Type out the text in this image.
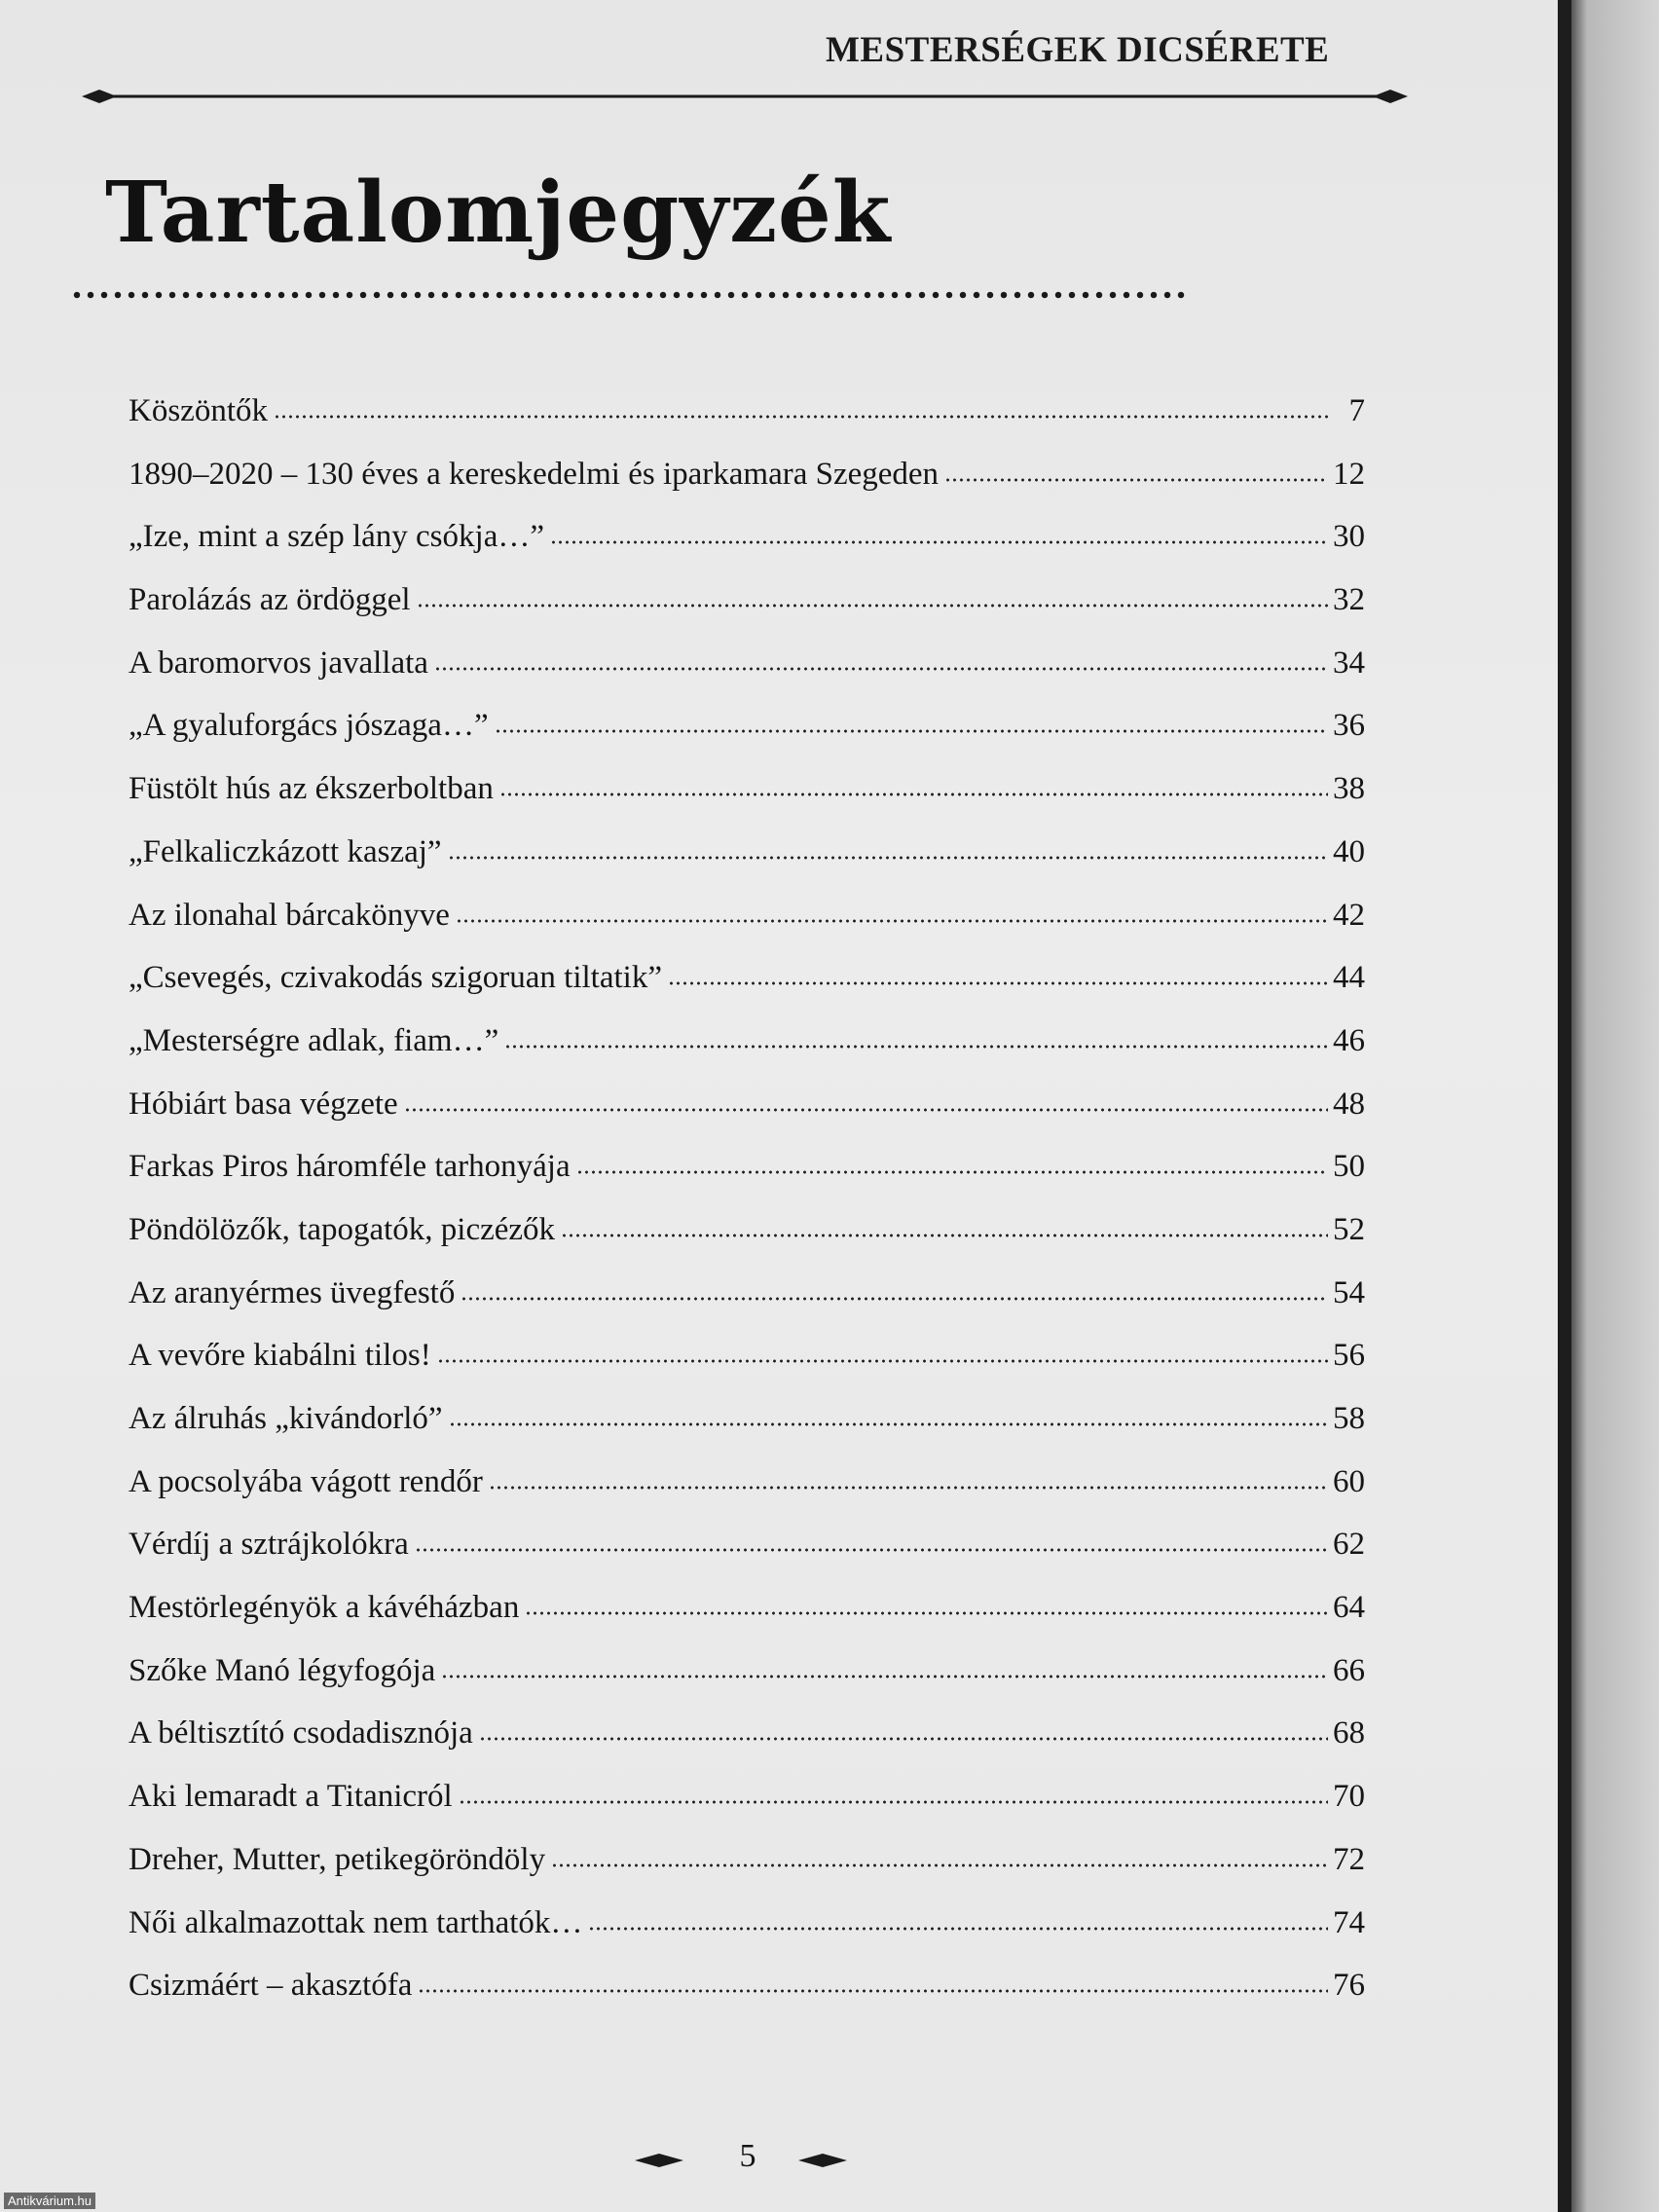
MESTERSÉGEK DICSÉRETE
Tartalomjegyzék
Köszöntők	7
1890–2020 – 130 éves a kereskedelmi és iparkamara Szegeden	12
„Ize, mint a szép lány csókja…”	30
Parolázás az ördöggel	32
A baromorvos javallata	34
„A gyaluforgács jószaga…”	36
Füstölt hús az ékszerboltban	38
„Felkaliczkázott kaszaj”	40
Az ilonahal bárcakönyve	42
„Csevegés, czivakodás szigoruan tiltatik”	44
„Mesterségre adlak, fiam…”	46
Hóbiárt basa végzete	48
Farkas Piros háromféle tarhonyája	50
Pöndölözők, tapogatók, piczézők	52
Az aranyérmes üvegfestő	54
A vevőre kiabálni tilos!	56
Az álruhás „kivándorló”	58
A pocsolyába vágott rendőr	60
Vérdíj a sztrájkolókra	62
Mestörlegényök a kávéházban	64
Szőke Manó légyfogója	66
A béltisztító csodadisznója	68
Aki lemaradt a Titanicról	70
Dreher, Mutter, petikegöröndöly	72
Női alkalmazottak nem tarthatók…	74
Csizmáért – akasztófa	76
5
Antikvárium.hu
